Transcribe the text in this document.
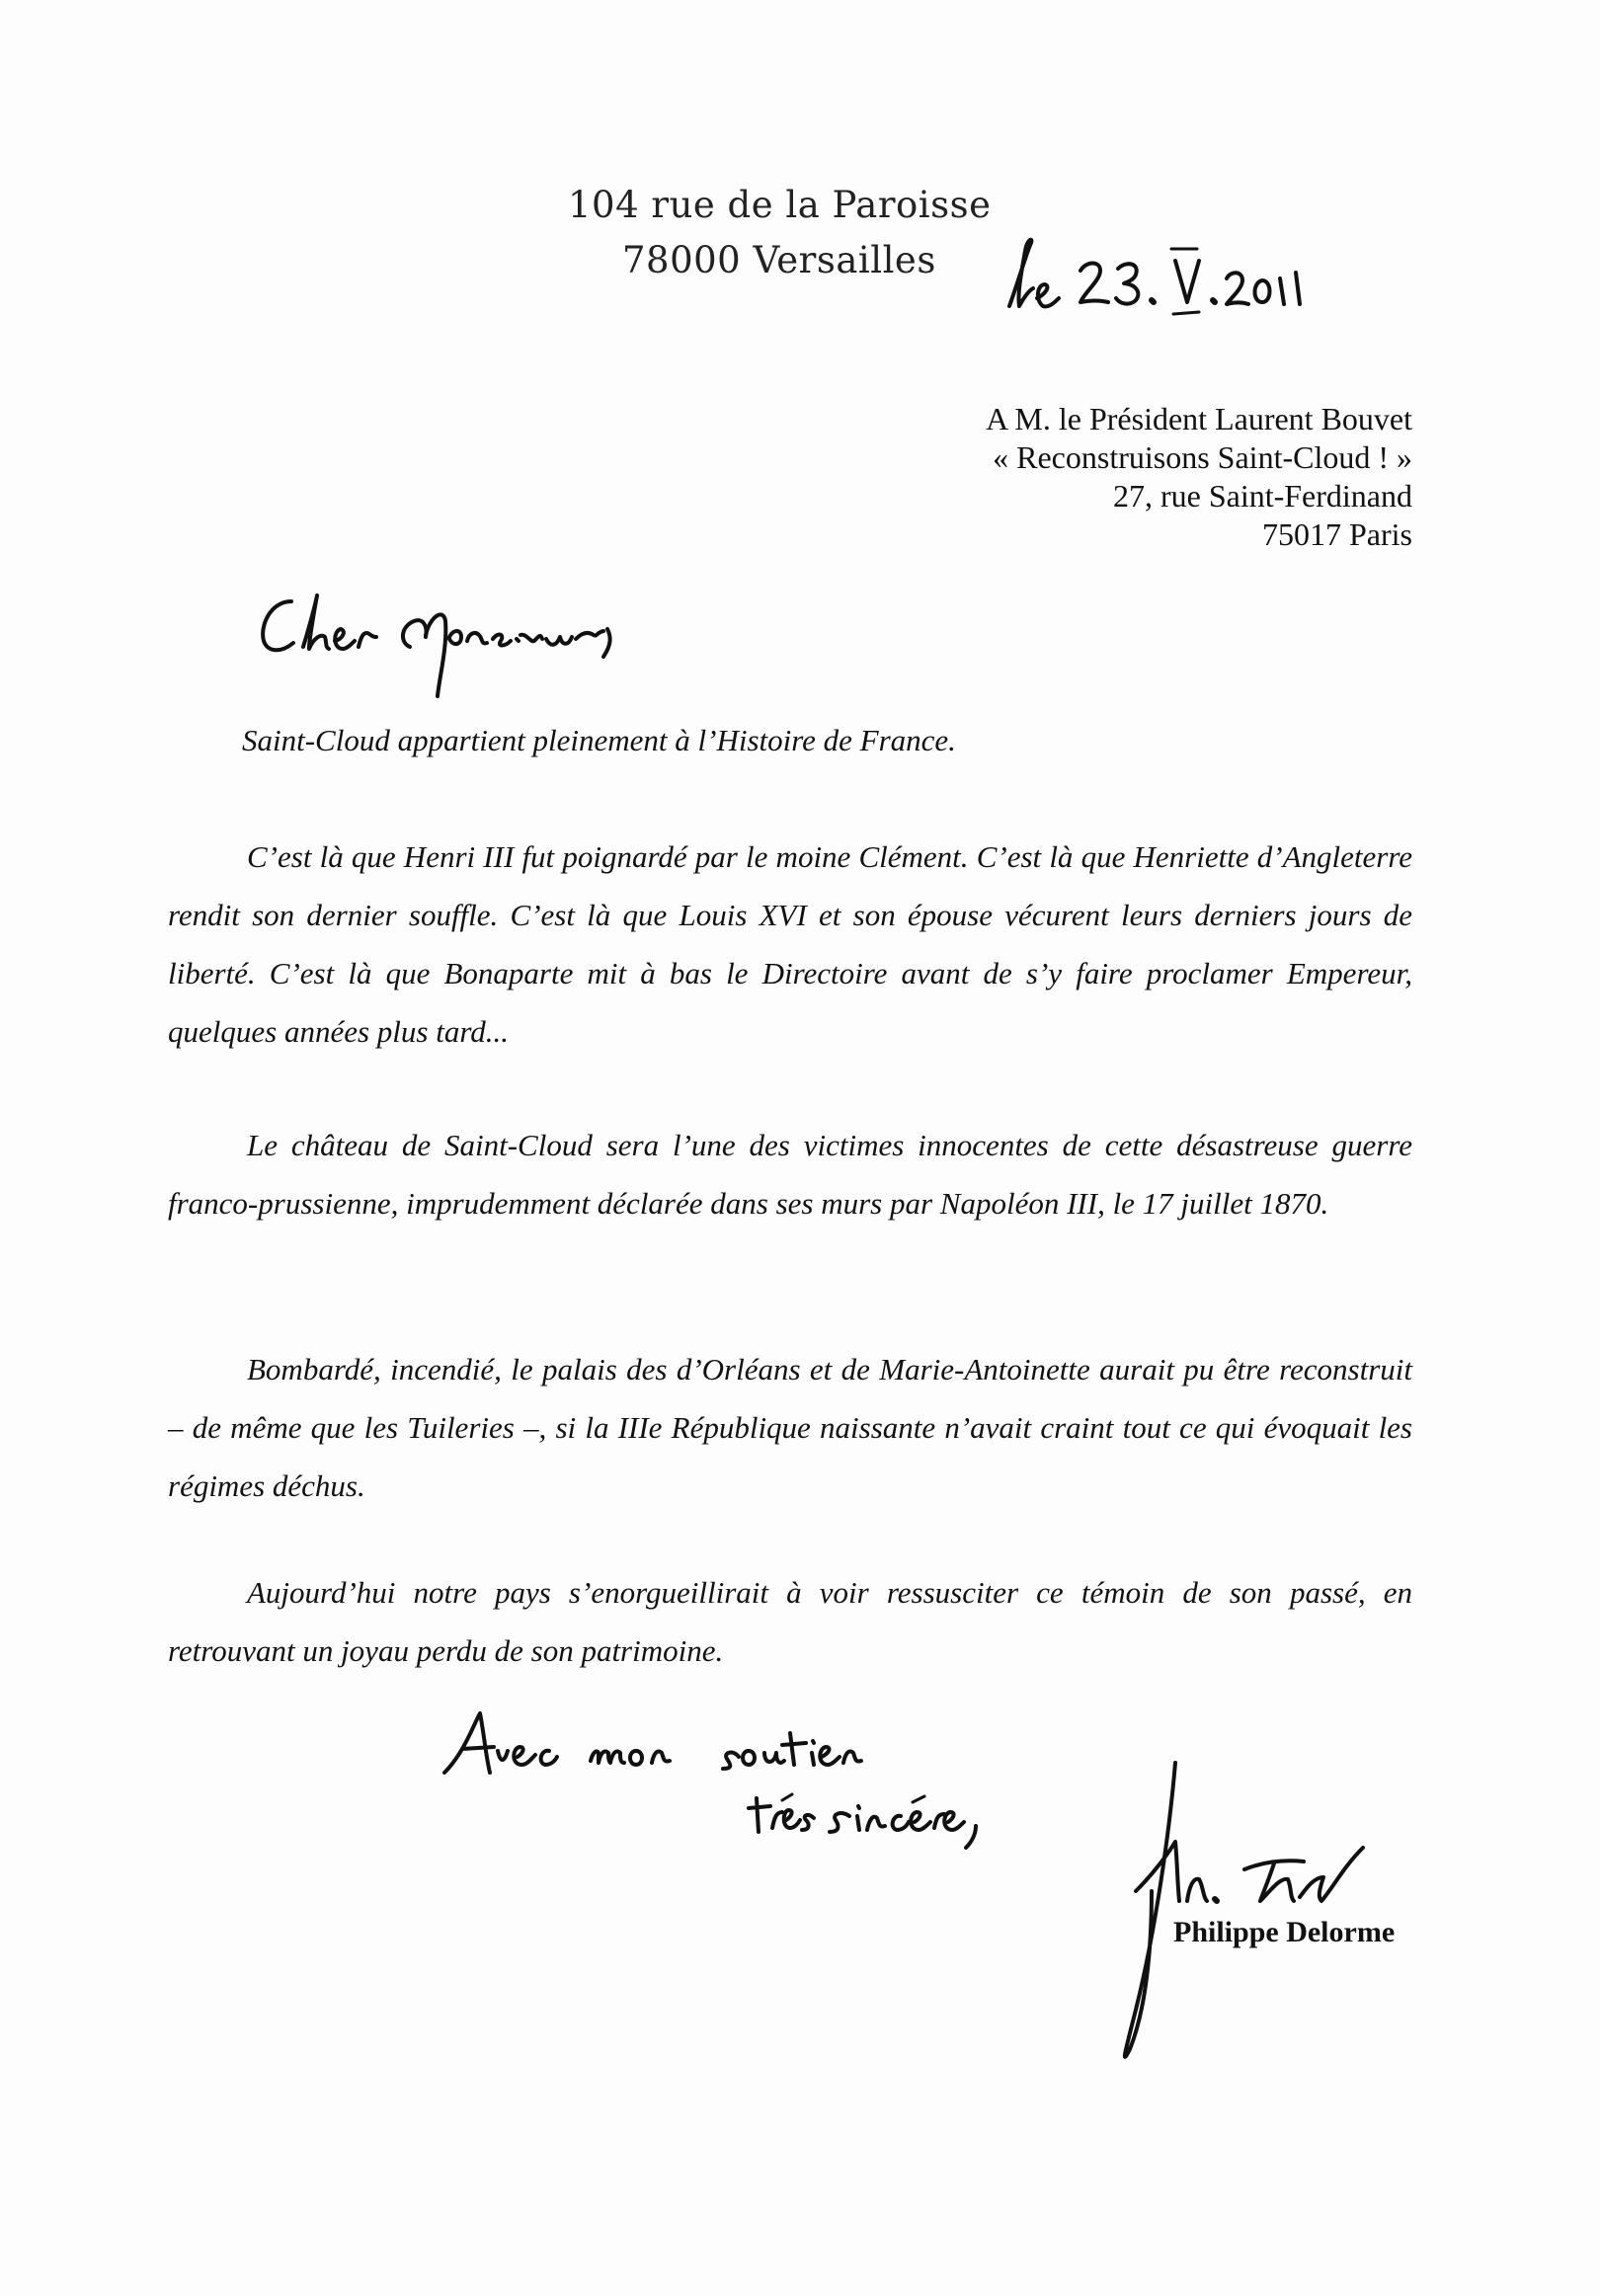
104 rue de la Paroisse
78000 Versailles
A M. le Président Laurent Bouvet
« Reconstruisons Saint-Cloud ! »
27, rue Saint-Ferdinand
75017 Paris

Saint-Cloud appartient pleinement à l’Histoire de France.

C’est là que Henri III fut poignardé par le moine Clément. C’est là que Henriette d’Angleterre rendit son dernier souffle. C’est là que Louis XVI et son épouse vécurent leurs derniers jours de liberté. C’est là que Bonaparte mit à bas le Directoire avant de s’y faire proclamer Empereur, quelques années plus tard...

Le château de Saint-Cloud sera l’une des victimes innocentes de cette désastreuse guerre franco-prussienne, imprudemment déclarée dans ses murs par Napoléon III, le 17 juillet 1870.

Bombardé, incendié, le palais des d’Orléans et de Marie-Antoinette aurait pu être reconstruit – de même que les Tuileries –, si la IIIe République naissante n’avait craint tout ce qui évoquait les régimes déchus.

Aujourd’hui notre pays s’enorgueillirait à voir ressusciter ce témoin de son passé, en retrouvant un joyau perdu de son patrimoine.

Philippe Delorme
